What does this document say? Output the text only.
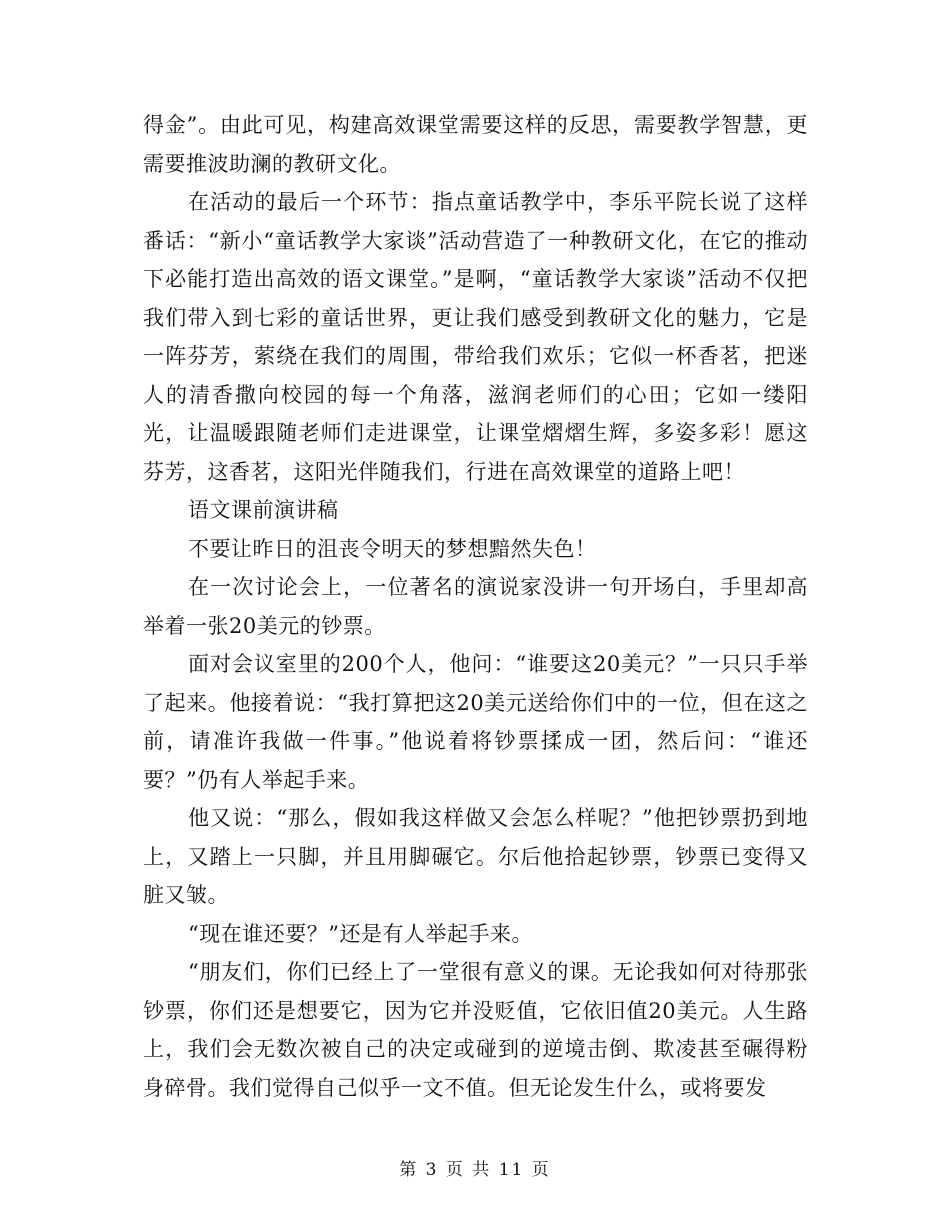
得金”。由此可见，构建高效课堂需要这样的反思，需要教学智慧，更需要推波助澜的教研文化。

在活动的最后一个环节：指点童话教学中，李乐平院长说了这样番话：“新小“童话教学大家谈”活动营造了一种教研文化，在它的推动下必能打造出高效的语文课堂。”是啊，“童话教学大家谈”活动不仅把我们带入到七彩的童话世界，更让我们感受到教研文化的魅力，它是一阵芬芳，萦绕在我们的周围，带给我们欢乐；它似一杯香茗，把迷人的清香撒向校园的每一个角落，滋润老师们的心田；它如一缕阳光，让温暖跟随老师们走进课堂，让课堂熠熠生辉，多姿多彩！愿这芬芳，这香茗，这阳光伴随我们，行进在高效课堂的道路上吧！

语文课前演讲稿

不要让昨日的沮丧令明天的梦想黯然失色！

在一次讨论会上，一位著名的演说家没讲一句开场白，手里却高举着一张20美元的钞票。

面对会议室里的200个人，他问：“谁要这20美元？”一只只手举了起来。他接着说：“我打算把这20美元送给你们中的一位，但在这之前，请准许我做一件事。”他说着将钞票揉成一团，然后问：“谁还要？”仍有人举起手来。

他又说：“那么，假如我这样做又会怎么样呢？”他把钞票扔到地上，又踏上一只脚，并且用脚碾它。尔后他拾起钞票，钞票已变得又脏又皱。

“现在谁还要？”还是有人举起手来。

“朋友们，你们已经上了一堂很有意义的课。无论我如何对待那张钞票，你们还是想要它，因为它并没贬值，它依旧值20美元。人生路上，我们会无数次被自己的决定或碰到的逆境击倒、欺凌甚至碾得粉身碎骨。我们觉得自己似乎一文不值。但无论发生什么，或将要发

第 3 页 共 11 页
